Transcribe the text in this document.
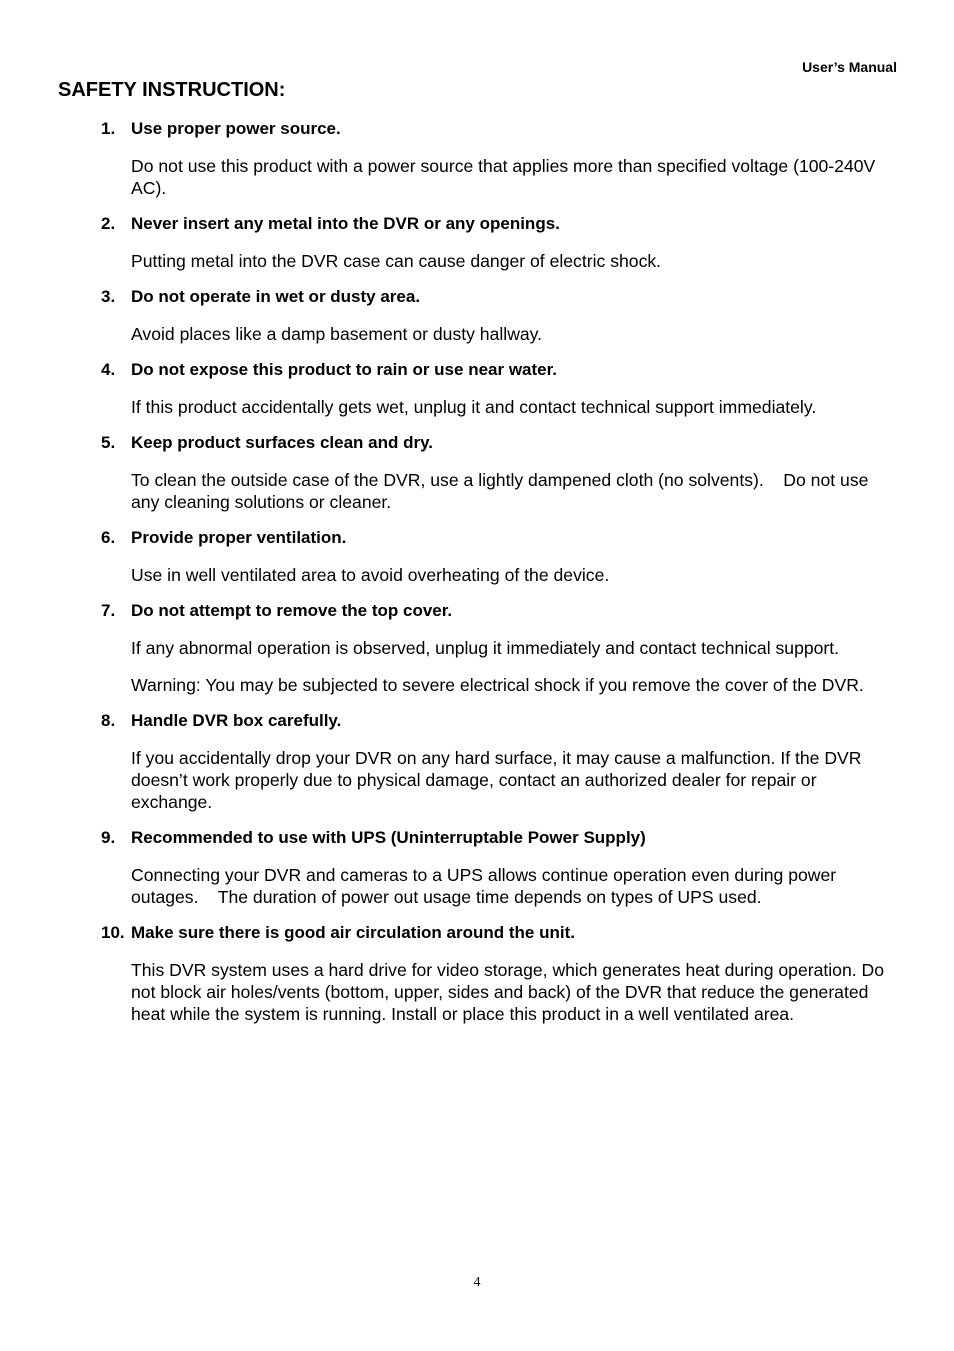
User’s Manual
SAFETY INSTRUCTION:
1. Use proper power source.
Do not use this product with a power source that applies more than specified voltage (100-240V AC).
2. Never insert any metal into the DVR or any openings.
Putting metal into the DVR case can cause danger of electric shock.
3. Do not operate in wet or dusty area.
Avoid places like a damp basement or dusty hallway.
4. Do not expose this product to rain or use near water.
If this product accidentally gets wet, unplug it and contact technical support immediately.
5. Keep product surfaces clean and dry.
To clean the outside case of the DVR, use a lightly dampened cloth (no solvents).    Do not use any cleaning solutions or cleaner.
6. Provide proper ventilation.
Use in well ventilated area to avoid overheating of the device.
7. Do not attempt to remove the top cover.
If any abnormal operation is observed, unplug it immediately and contact technical support.
Warning: You may be subjected to severe electrical shock if you remove the cover of the DVR.
8. Handle DVR box carefully.
If you accidentally drop your DVR on any hard surface, it may cause a malfunction. If the DVR doesn’t work properly due to physical damage, contact an authorized dealer for repair or exchange.
9. Recommended to use with UPS (Uninterruptable Power Supply)
Connecting your DVR and cameras to a UPS allows continue operation even during power outages.    The duration of power out usage time depends on types of UPS used.
10. Make sure there is good air circulation around the unit.
This DVR system uses a hard drive for video storage, which generates heat during operation. Do not block air holes/vents (bottom, upper, sides and back) of the DVR that reduce the generated heat while the system is running. Install or place this product in a well ventilated area.
4
